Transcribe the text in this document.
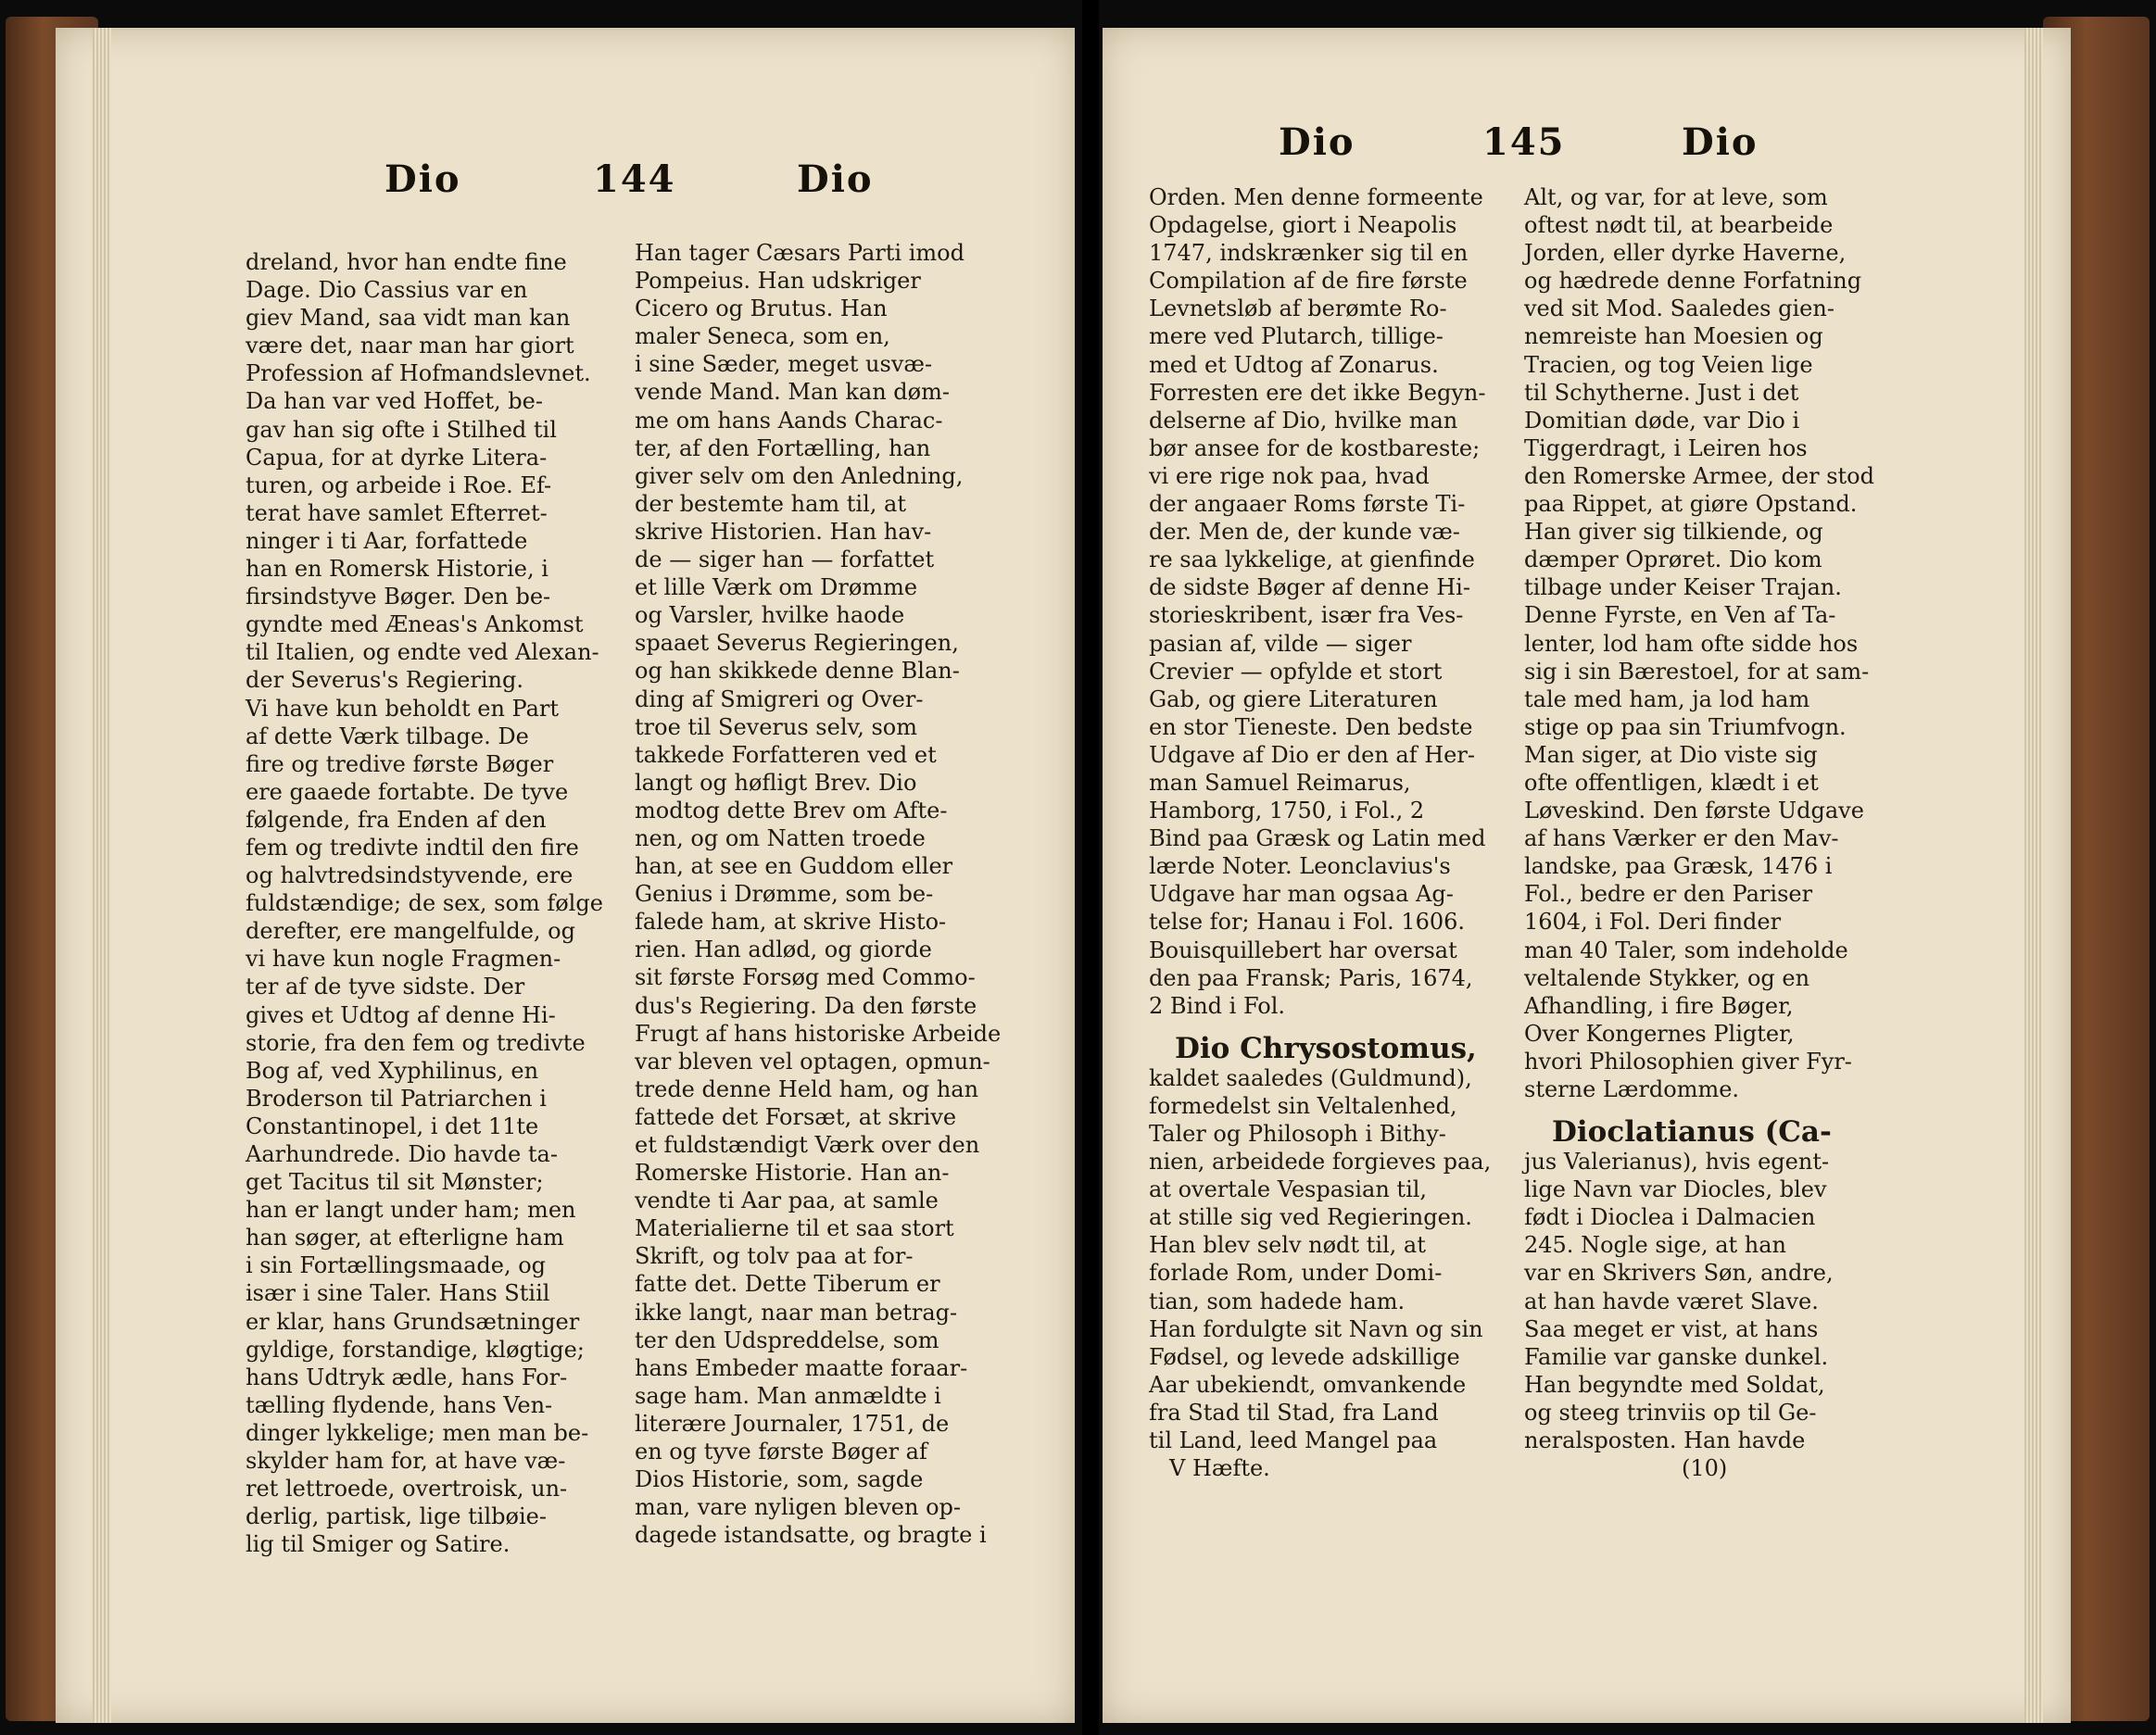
Dio	144	Dio
dreland, hvor han endte fine
Dage. Dio Cassius var en
giev Mand, saa vidt man kan
være det, naar man har giort
Profession af Hofmandslevnet.
Da han var ved Hoffet, be-
gav han sig ofte i Stilhed til
Capua, for at dyrke Litera-
turen, og arbeide i Roe. Ef-
terat have samlet Efterret-
ninger i ti Aar, forfattede
han en Romersk Historie, i
firsindstyve Bøger. Den be-
gyndte med Æneas's Ankomst
til Italien, og endte ved Alexan-
der Severus's Regiering.
Vi have kun beholdt en Part
af dette Værk tilbage. De
fire og tredive første Bøger
ere gaaede fortabte. De tyve
følgende, fra Enden af den
fem og tredivte indtil den fire
og halvtredsindstyvende, ere
fuldstændige; de sex, som følge
derefter, ere mangelfulde, og
vi have kun nogle Fragmen-
ter af de tyve sidste. Der
gives et Udtog af denne Hi-
storie, fra den fem og tredivte
Bog af, ved Xyphilinus, en
Broderson til Patriarchen i
Constantinopel, i det 11te
Aarhundrede. Dio havde ta-
get Tacitus til sit Mønster;
han er langt under ham; men
han søger, at efterligne ham
i sin Fortællingsmaade, og
især i sine Taler. Hans Stiil
er klar, hans Grundsætninger
gyldige, forstandige, kløgtige;
hans Udtryk ædle, hans For-
tælling flydende, hans Ven-
dinger lykkelige; men man be-
skylder ham for, at have væ-
ret lettroede, overtroisk, un-
derlig, partisk, lige tilbøie-
lig til Smiger og Satire.
Han tager Cæsars Parti imod
Pompeius. Han udskriger
Cicero og Brutus. Han
maler Seneca, som en,
i sine Sæder, meget usvæ-
vende Mand. Man kan døm-
me om hans Aands Charac-
ter, af den Fortælling, han
giver selv om den Anledning,
der bestemte ham til, at
skrive Historien. Han hav-
de — siger han — forfattet
et lille Værk om Drømme
og Varsler, hvilke haode
spaaet Severus Regieringen,
og han skikkede denne Blan-
ding af Smigreri og Over-
troe til Severus selv, som
takkede Forfatteren ved et
langt og høfligt Brev. Dio
modtog dette Brev om Afte-
nen, og om Natten troede
han, at see en Guddom eller
Genius i Drømme, som be-
falede ham, at skrive Histo-
rien. Han adlød, og giorde
sit første Forsøg med Commo-
dus's Regiering. Da den første
Frugt af hans historiske Arbeide
var bleven vel optagen, opmun-
trede denne Held ham, og han
fattede det Forsæt, at skrive
et fuldstændigt Værk over den
Romerske Historie. Han an-
vendte ti Aar paa, at samle
Materialierne til et saa stort
Skrift, og tolv paa at for-
fatte det. Dette Tiberum er
ikke langt, naar man betrag-
ter den Udspreddelse, som
hans Embeder maatte foraar-
sage ham. Man anmældte i
literære Journaler, 1751, de
en og tyve første Bøger af
Dios Historie, som, sagde
man, vare nyligen bleven op-
dagede istandsatte, og bragte i
Dio	145	Dio
Orden. Men denne formeente
Opdagelse, giort i Neapolis
1747, indskrænker sig til en
Compilation af de fire første
Levnetsløb af berømte Ro-
mere ved Plutarch, tillige-
med et Udtog af Zonarus.
Forresten ere det ikke Begyn-
delserne af Dio, hvilke man
bør ansee for de kostbareste;
vi ere rige nok paa, hvad
der angaaer Roms første Ti-
der. Men de, der kunde væ-
re saa lykkelige, at gienfinde
de sidste Bøger af denne Hi-
storieskribent, især fra Ves-
pasian af, vilde — siger
Crevier — opfylde et stort
Gab, og giere Literaturen
en stor Tieneste. Den bedste
Udgave af Dio er den af Her-
man Samuel Reimarus,
Hamborg, 1750, i Fol., 2
Bind paa Græsk og Latin med
lærde Noter. Leonclavius's
Udgave har man ogsaa Ag-
telse for; Hanau i Fol. 1606.
Bouisquillebert har oversat
den paa Fransk; Paris, 1674,
2 Bind i Fol.
Dio Chrysostomus,
kaldet saaledes (Guldmund),
formedelst sin Veltalenhed,
Taler og Philosoph i Bithy-
nien, arbeidede forgieves paa,
at overtale Vespasian til,
at stille sig ved Regieringen.
Han blev selv nødt til, at
forlade Rom, under Domi-
tian, som hadede ham.
Han fordulgte sit Navn og sin
Fødsel, og levede adskillige
Aar ubekiendt, omvankende
fra Stad til Stad, fra Land
til Land, leed Mangel paa
V Hæfte.
Alt, og var, for at leve, som
oftest nødt til, at bearbeide
Jorden, eller dyrke Haverne,
og hædrede denne Forfatning
ved sit Mod. Saaledes gien-
nemreiste han Moesien og
Tracien, og tog Veien lige
til Schytherne. Just i det
Domitian døde, var Dio i
Tiggerdragt, i Leiren hos
den Romerske Armee, der stod
paa Rippet, at giøre Opstand.
Han giver sig tilkiende, og
dæmper Oprøret. Dio kom
tilbage under Keiser Trajan.
Denne Fyrste, en Ven af Ta-
lenter, lod ham ofte sidde hos
sig i sin Bærestoel, for at sam-
tale med ham, ja lod ham
stige op paa sin Triumfvogn.
Man siger, at Dio viste sig
ofte offentligen, klædt i et
Løveskind. Den første Udgave
af hans Værker er den Mav-
landske, paa Græsk, 1476 i
Fol., bedre er den Pariser
1604, i Fol. Deri finder
man 40 Taler, som indeholde
veltalende Stykker, og en
Afhandling, i fire Bøger,
Over Kongernes Pligter,
hvori Philosophien giver Fyr-
sterne Lærdomme.
Dioclatianus (Ca-
jus Valerianus), hvis egent-
lige Navn var Diocles, blev
født i Dioclea i Dalmacien
245. Nogle sige, at han
var en Skrivers Søn, andre,
at han havde været Slave.
Saa meget er vist, at hans
Familie var ganske dunkel.
Han begyndte med Soldat,
og steeg trinviis op til Ge-
neralsposten. Han havde
(10)
